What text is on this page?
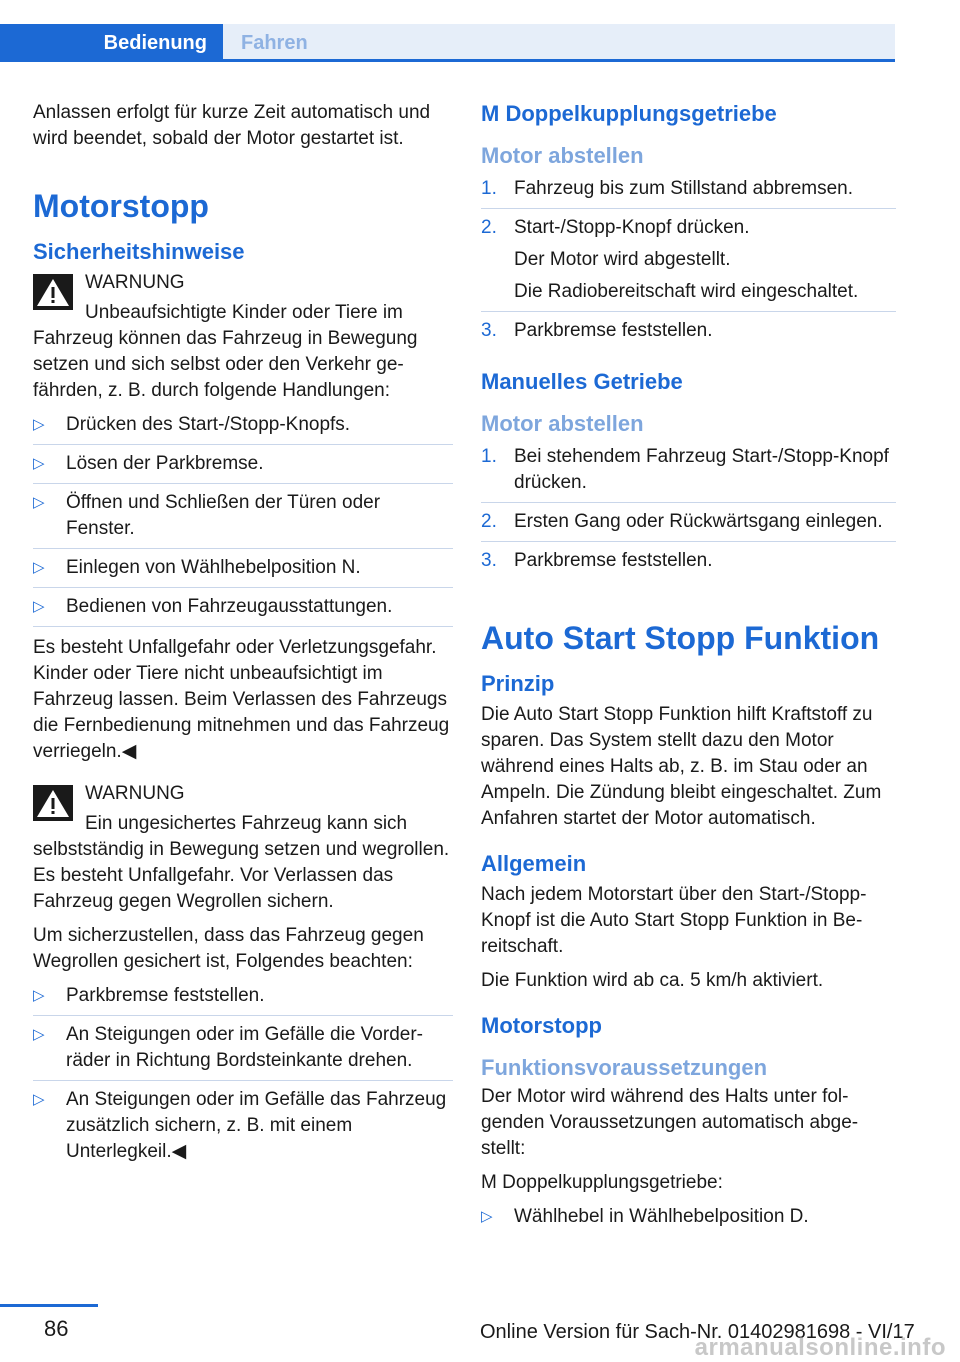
Bedienung	Fahren

Anlassen erfolgt für kurze Zeit automatisch und wird beendet, sobald der Motor gestartet ist.

Motorstopp
Sicherheitshinweise

WARNUNG

Unbeaufsichtigte Kinder oder Tiere im Fahrzeug können das Fahrzeug in Bewegung setzen und sich selbst oder den Verkehr gefährden, z. B. durch folgende Handlungen:

▷ Drücken des Start-/Stopp-Knopfs.
▷ Lösen der Parkbremse.
▷ Öffnen und Schließen der Türen oder Fenster.
▷ Einlegen von Wählhebelposition N.
▷ Bedienen von Fahrzeugausstattungen.

Es besteht Unfallgefahr oder Verletzungsgefahr. Kinder oder Tiere nicht unbeaufsichtigt im Fahrzeug lassen. Beim Verlassen des Fahrzeugs die Fernbedienung mitnehmen und das Fahrzeug verriegeln.◀

WARNUNG

Ein ungesichertes Fahrzeug kann sich selbstständig in Bewegung setzen und wegrollen. Es besteht Unfallgefahr. Vor Verlassen das Fahrzeug gegen Wegrollen sichern.

Um sicherzustellen, dass das Fahrzeug gegen Wegrollen gesichert ist, Folgendes beachten:

▷ Parkbremse feststellen.
▷ An Steigungen oder im Gefälle die Vorderräder in Richtung Bordsteinkante drehen.
▷ An Steigungen oder im Gefälle das Fahrzeug zusätzlich sichern, z. B. mit einem Unterlegkeil.◀
M Doppelkupplungsgetriebe
Motor abstellen
1. Fahrzeug bis zum Stillstand abbremsen.
2. Start-/Stopp-Knopf drücken.
Der Motor wird abgestellt.
Die Radiobereitschaft wird eingeschaltet.
3. Parkbremse feststellen.
Manuelles Getriebe
Motor abstellen
1. Bei stehendem Fahrzeug Start-/Stopp-Knopf drücken.
2. Ersten Gang oder Rückwärtsgang einlegen.
3. Parkbremse feststellen.
Auto Start Stopp Funktion
Prinzip

Die Auto Start Stopp Funktion hilft Kraftstoff zu sparen. Das System stellt dazu den Motor während eines Halts ab, z. B. im Stau oder an Ampeln. Die Zündung bleibt eingeschaltet. Zum Anfahren startet der Motor automatisch.

Allgemein

Nach jedem Motorstart über den Start-/Stopp-Knopf ist die Auto Start Stopp Funktion in Bereitschaft.

Die Funktion wird ab ca. 5 km/h aktiviert.

Motorstopp
Funktionsvoraussetzungen

Der Motor wird während des Halts unter folgenden Voraussetzungen automatisch abgestellt:

M Doppelkupplungsgetriebe:

▷ Wählhebel in Wählhebelposition D.
86	Online Version für Sach-Nr. 01402981698 - VI/17
armanualsonline.info
